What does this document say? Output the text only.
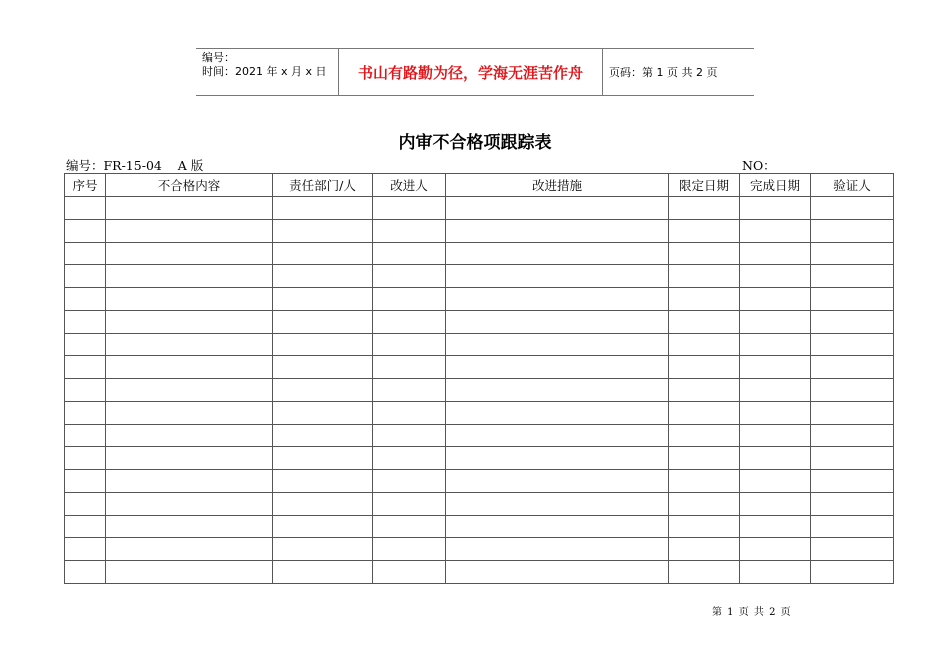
编号：
时间：2021 年 x 月 x 日	书山有路勤为径，学海无涯苦作舟	页码：第 1 页 共 2 页
内审不合格项跟踪表
编号：FR-15-04    A 版	NO：
序号	不合格内容	责任部门/人	改进人	改进措施	限定日期	完成日期	验证人

第 1 页 共 2 页
